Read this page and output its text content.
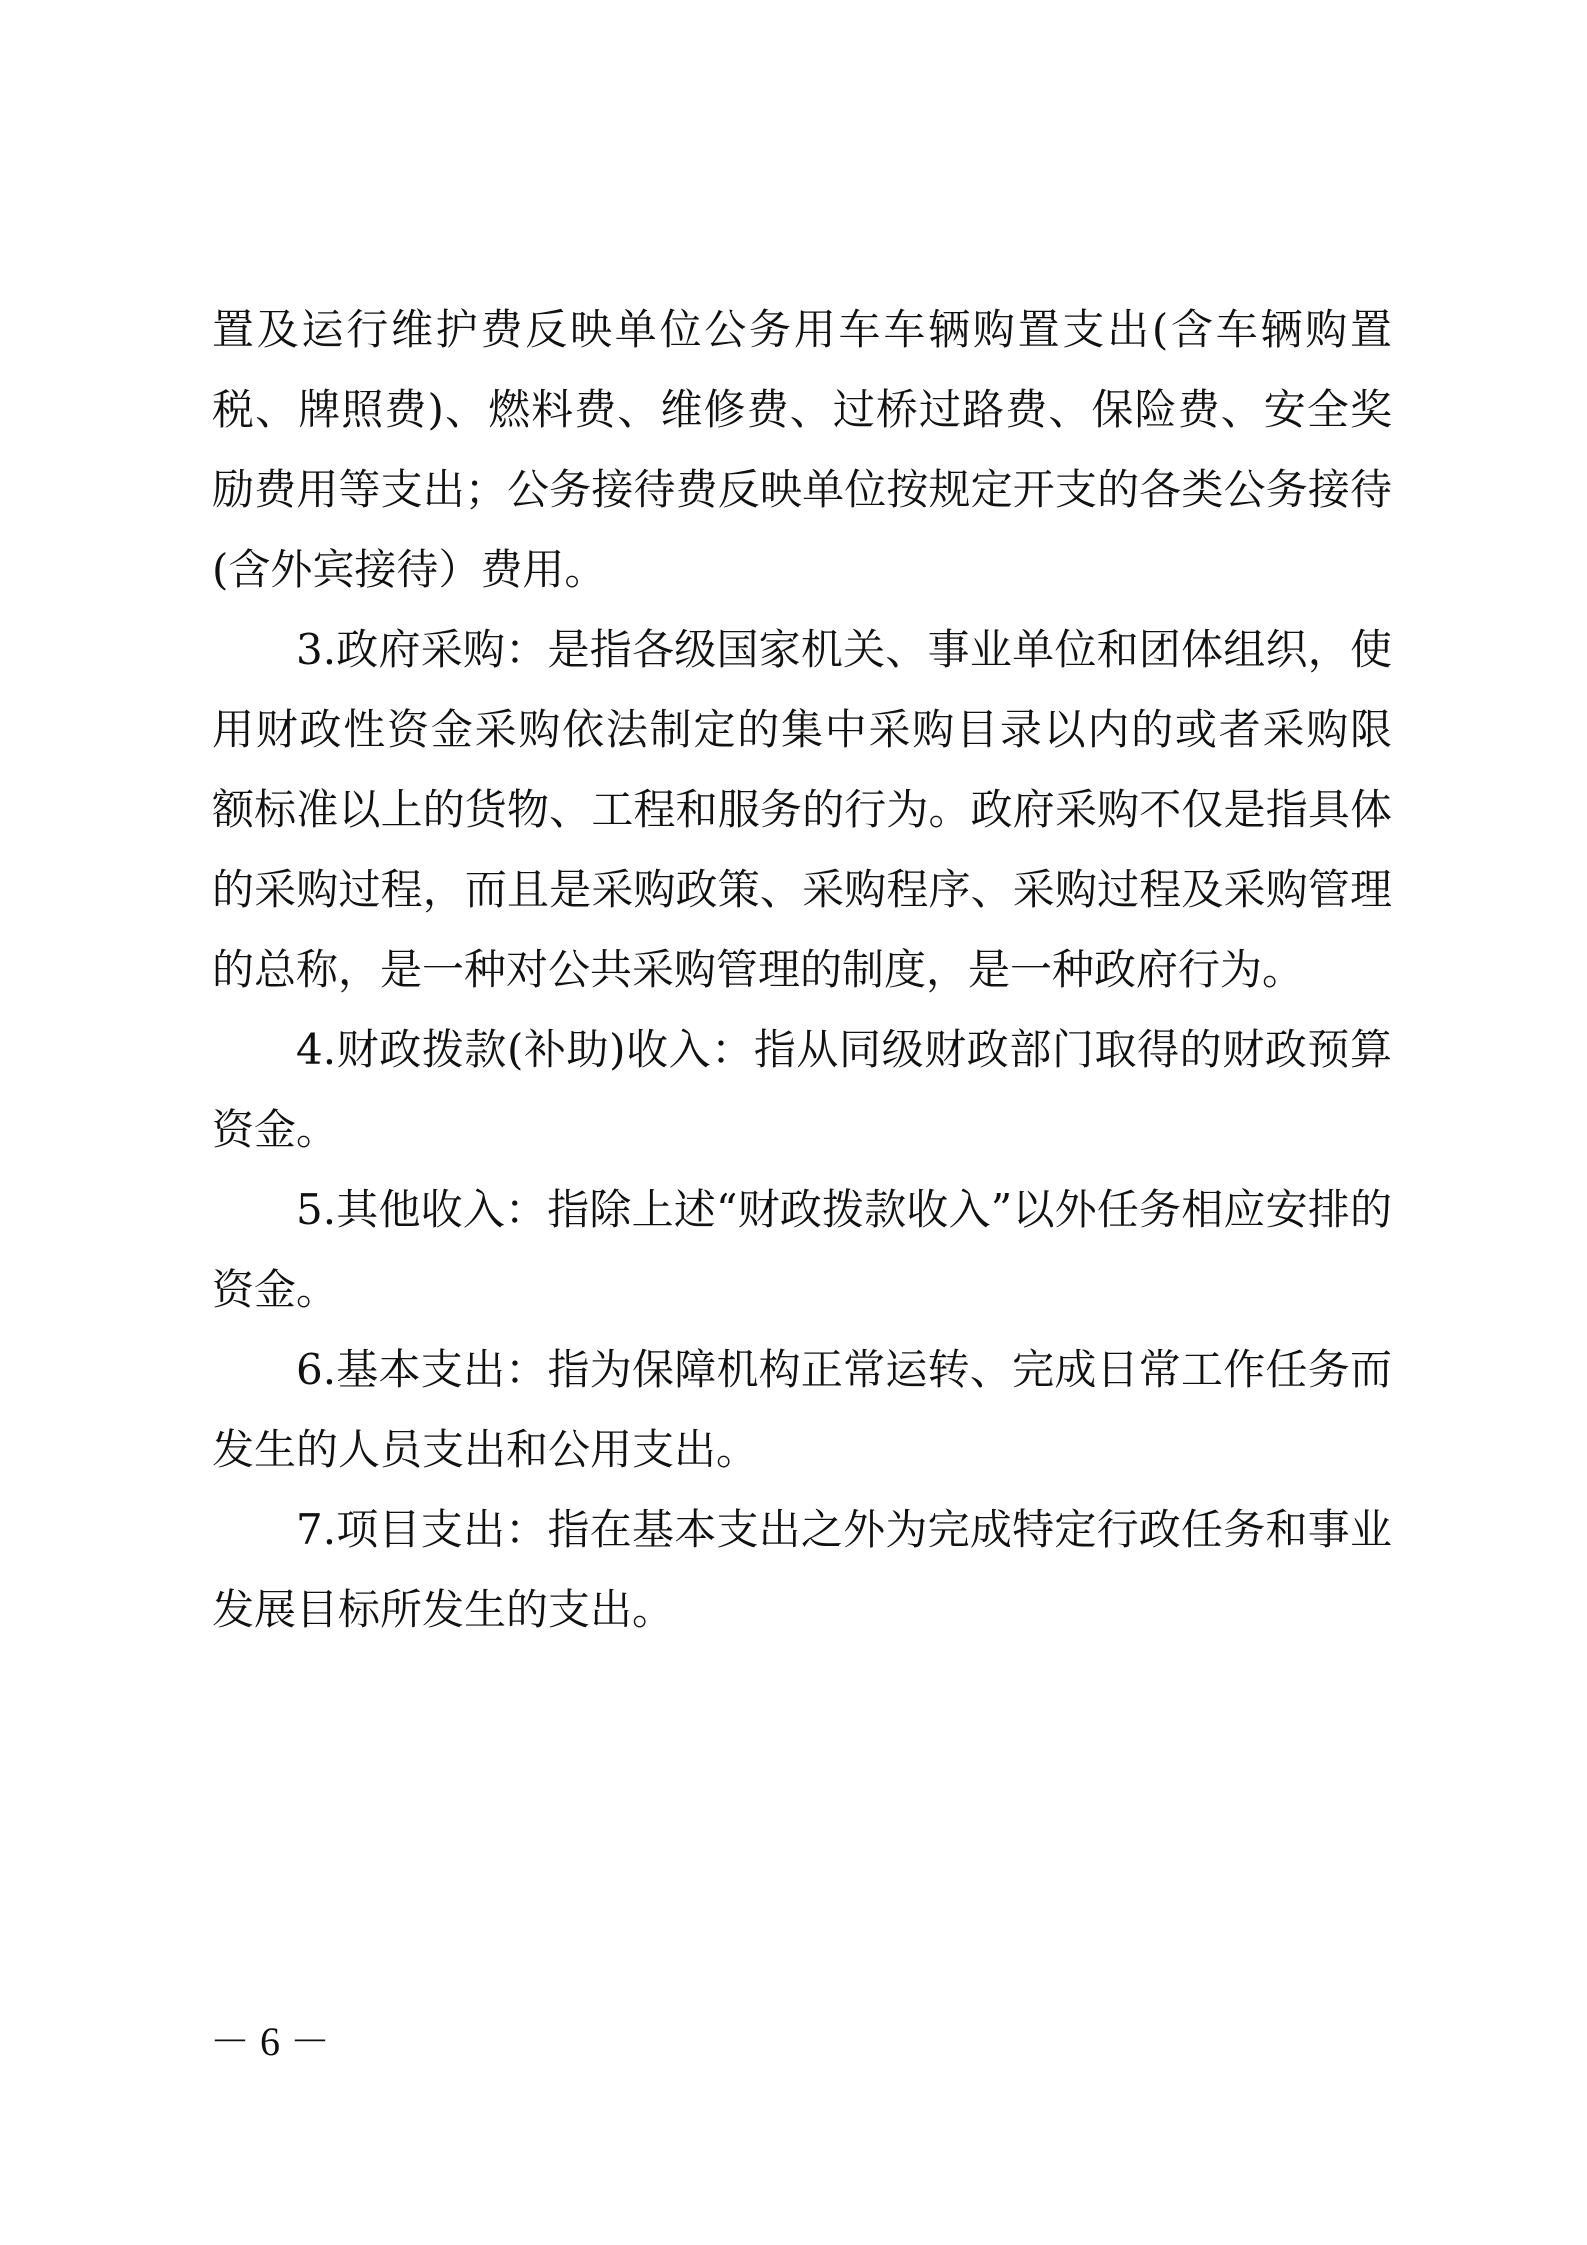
置及运行维护费反映单位公务用车车辆购置支出(含车辆购置

税、牌照费)、燃料费、维修费、过桥过路费、保险费、安全奖

励费用等支出；公务接待费反映单位按规定开支的各类公务接待

(含外宾接待）费用。

3.政府采购：是指各级国家机关、事业单位和团体组织，使

用财政性资金采购依法制定的集中采购目录以内的或者采购限

额标准以上的货物、工程和服务的行为。政府采购不仅是指具体

的采购过程，而且是采购政策、采购程序、采购过程及采购管理

的总称，是一种对公共采购管理的制度，是一种政府行为。

4.财政拨款(补助)收入：指从同级财政部门取得的财政预算

资金。

5.其他收入：指除上述“财政拨款收入”以外任务相应安排的

资金。

6.基本支出：指为保障机构正常运转、完成日常工作任务而

发生的人员支出和公用支出。

7.项目支出：指在基本支出之外为完成特定行政任务和事业

发展目标所发生的支出。

－ 6 －
